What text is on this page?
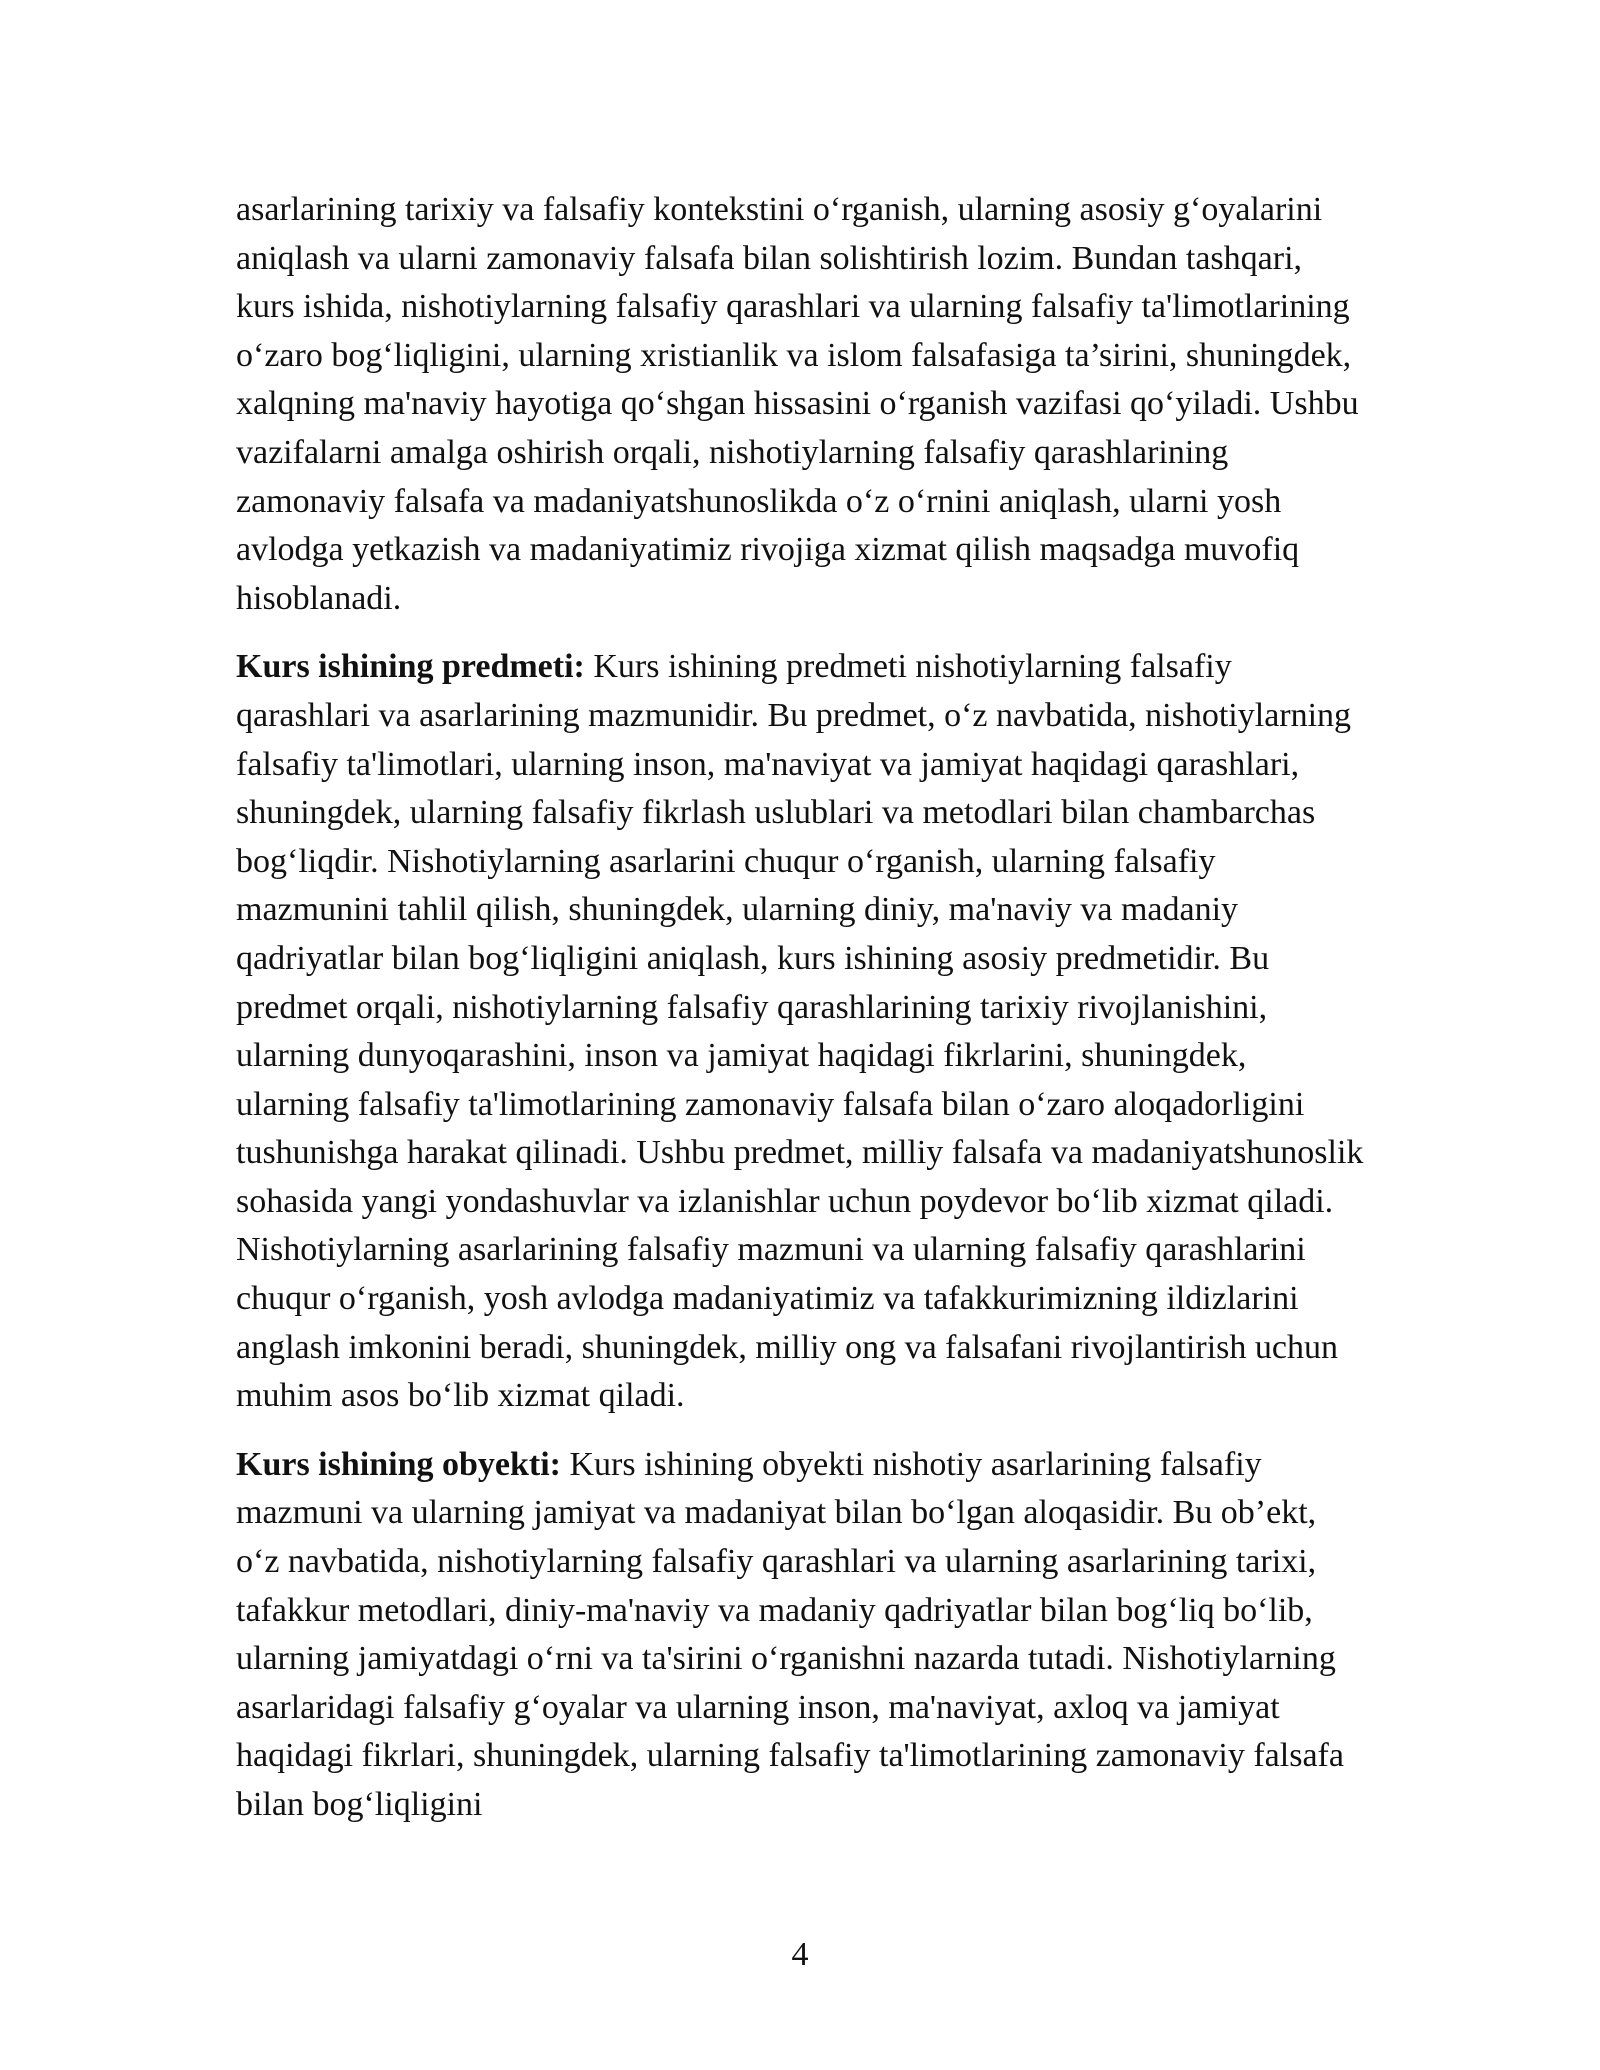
asarlarining tarixiy va falsafiy kontekstini o‘rganish, ularning asosiy g‘oyalarini aniqlash va ularni zamonaviy falsafa bilan solishtirish lozim. Bundan tashqari, kurs ishida, nishotiylarning falsafiy qarashlari va ularning falsafiy ta'limotlarining o‘zaro bog‘liqligini, ularning xristianlik va islom falsafasiga ta’sirini, shuningdek, xalqning ma'naviy hayotiga qo‘shgan hissasini o‘rganish vazifasi qo‘yiladi. Ushbu vazifalarni amalga oshirish orqali, nishotiylarning falsafiy qarashlarining zamonaviy falsafa va madaniyatshunoslikda o‘z o‘rnini aniqlash, ularni yosh avlodga yetkazish va madaniyatimiz rivojiga xizmat qilish maqsadga muvofiq hisoblanadi.

Kurs ishining predmeti: Kurs ishining predmeti nishotiylarning falsafiy qarashlari va asarlarining mazmunidir. Bu predmet, o‘z navbatida, nishotiylarning falsafiy ta'limotlari, ularning inson, ma'naviyat va jamiyat haqidagi qarashlari, shuningdek, ularning falsafiy fikrlash uslublari va metodlari bilan chambarchas bog‘liqdir. Nishotiylarning asarlarini chuqur o‘rganish, ularning falsafiy mazmunini tahlil qilish, shuningdek, ularning diniy, ma'naviy va madaniy qadriyatlar bilan bog‘liqligini aniqlash, kurs ishining asosiy predmetidir. Bu predmet orqali, nishotiylarning falsafiy qarashlarining tarixiy rivojlanishini, ularning dunyoqarashini, inson va jamiyat haqidagi fikrlarini, shuningdek, ularning falsafiy ta'limotlarining zamonaviy falsafa bilan o‘zaro aloqadorligini tushunishga harakat qilinadi. Ushbu predmet, milliy falsafa va madaniyatshunoslik sohasida yangi yondashuvlar va izlanishlar uchun poydevor bo‘lib xizmat qiladi. Nishotiylarning asarlarining falsafiy mazmuni va ularning falsafiy qarashlarini chuqur o‘rganish, yosh avlodga madaniyatimiz va tafakkurimizning ildizlarini anglash imkonini beradi, shuningdek, milliy ong va falsafani rivojlantirish uchun muhim asos bo‘lib xizmat qiladi.

Kurs ishining obyekti: Kurs ishining obyekti nishotiy asarlarining falsafiy mazmuni va ularning jamiyat va madaniyat bilan bo‘lgan aloqasidir. Bu ob’ekt, o‘z navbatida, nishotiylarning falsafiy qarashlari va ularning asarlarining tarixi, tafakkur metodlari, diniy-ma'naviy va madaniy qadriyatlar bilan bog‘liq bo‘lib, ularning jamiyatdagi o‘rni va ta'sirini o‘rganishni nazarda tutadi. Nishotiylarning asarlaridagi falsafiy g‘oyalar va ularning inson, ma'naviyat, axloq va jamiyat haqidagi fikrlari, shuningdek, ularning falsafiy ta'limotlarining zamonaviy falsafa bilan bog‘liqligini

4
